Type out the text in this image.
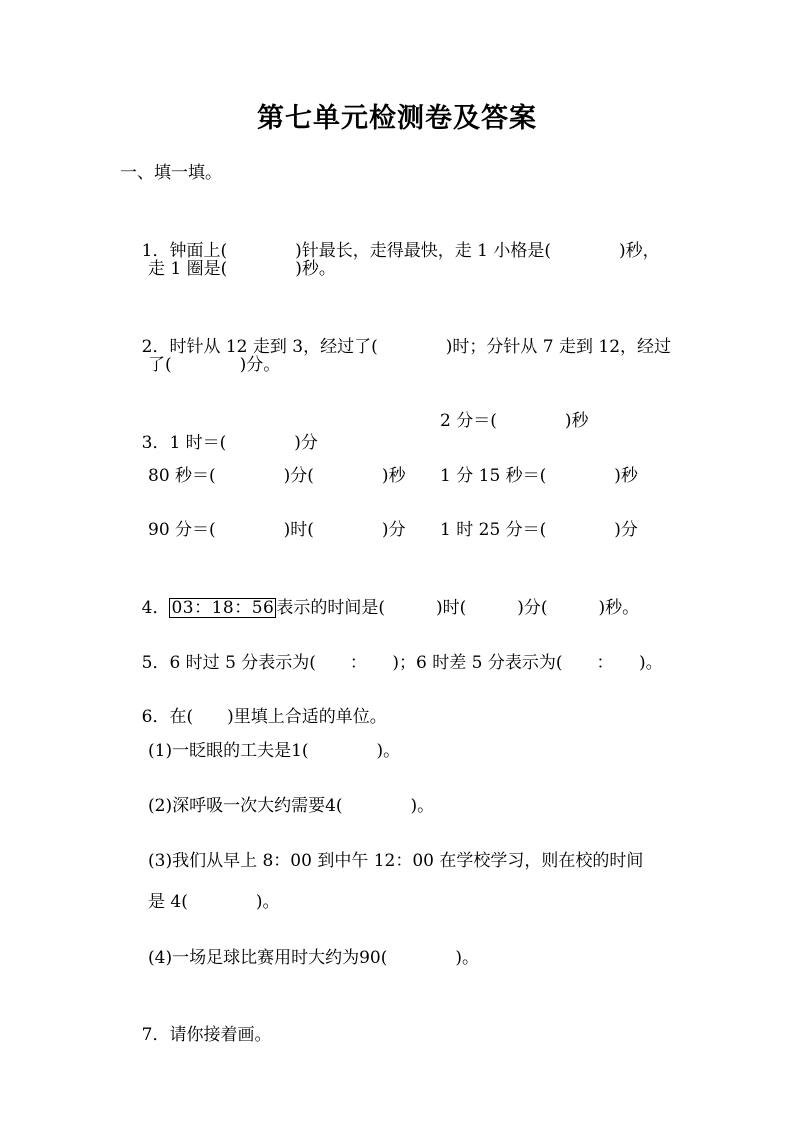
第七单元检测卷及答案
一、填一填。

1．钟面上(　　　　)针最长，走得最快，走 1 小格是(　　　　)秒，

走 1 圈是(　　　　)秒。

2．时针从 12 走到 3，经过了(　　　　)时；分针从 7 走到 12，经过

了(　　　　)分。

3．1 时＝(　　　　)分

2 分＝(　　　　)秒
80 秒＝(　　　　)分(　　　　)秒 1 分 15 秒＝(　　　　)秒
90 分＝(　　　　)时(　　　　)分 1 时 25 分＝(　　　　)分

4． 03：18：56 表示的时间是(　　　)时(　　　)分(　　　)秒。

5．6 时过 5 分表示为(　　：　　)；6 时差 5 分表示为(　　：　　)。

6．在(　　)里填上合适的单位。

(1)一眨眼的工夫是1(　　　　)。
(2)深呼吸一次大约需要4(　　　　)。
(3)我们从早上 8：00 到中午 12：00 在学校学习，则在校的时间
是 4(　　　　)。
(4)一场足球比赛用时大约为90(　　　　)。

7．请你接着画。
